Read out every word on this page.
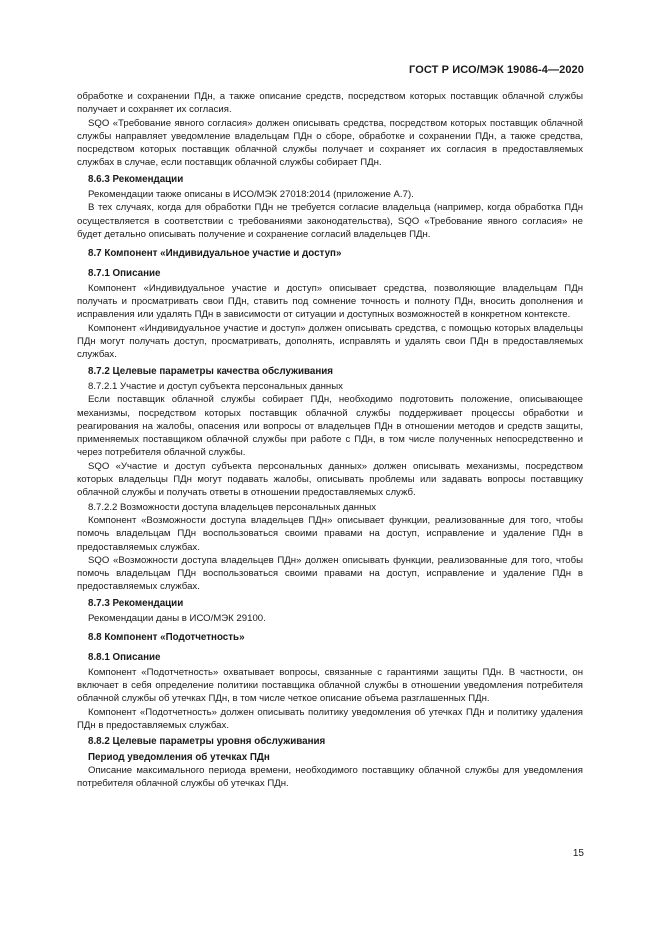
ГОСТ Р ИСО/МЭК 19086-4—2020

обработке и сохранении ПДн, а также описание средств, посредством которых поставщик облачной службы получает и сохраняет их согласия.

SQO «Требование явного согласия» должен описывать средства, посредством которых поставщик облачной службы направляет уведомление владельцам ПДн о сборе, обработке и сохранении ПДн, а также средства, посредством которых поставщик облачной службы получает и сохраняет их согласия в предоставляемых службах в случае, если поставщик облачной службы собирает ПДн.

8.6.3 Рекомендации

Рекомендации также описаны в ИСО/МЭК 27018:2014 (приложение А.7).

В тех случаях, когда для обработки ПДн не требуется согласие владельца (например, когда обработка ПДн осуществляется в соответствии с требованиями законодательства), SQO «Требование явного согласия» не будет детально описывать получение и сохранение согласий владельцев ПДн.

8.7 Компонент «Индивидуальное участие и доступ»
8.7.1 Описание

Компонент «Индивидуальное участие и доступ» описывает средства, позволяющие владельцам ПДн получать и просматривать свои ПДн, ставить под сомнение точность и полноту ПДн, вносить дополнения и исправления или удалять ПДн в зависимости от ситуации и доступных возможностей в конкретном контексте.

Компонент «Индивидуальное участие и доступ» должен описывать средства, с помощью которых владельцы ПДн могут получать доступ, просматривать, дополнять, исправлять и удалять свои ПДн в предоставляемых службах.

8.7.2 Целевые параметры качества обслуживания
8.7.2.1 Участие и доступ субъекта персональных данных

Если поставщик облачной службы собирает ПДн, необходимо подготовить положение, описывающее механизмы, посредством которых поставщик облачной службы поддерживает процессы обработки и реагирования на жалобы, опасения или вопросы от владельцев ПДн в отношении методов и средств защиты, применяемых поставщиком облачной службы при работе с ПДн, в том числе полученных непосредственно и через потребителя облачной службы.

SQO «Участие и доступ субъекта персональных данных» должен описывать механизмы, посредством которых владельцы ПДн могут подавать жалобы, описывать проблемы или задавать вопросы поставщику облачной службы и получать ответы в отношении предоставляемых служб.

8.7.2.2 Возможности доступа владельцев персональных данных

Компонент «Возможности доступа владельцев ПДн» описывает функции, реализованные для того, чтобы помочь владельцам ПДн воспользоваться своими правами на доступ, исправление и удаление ПДн в предоставляемых службах.

SQO «Возможности доступа владельцев ПДн» должен описывать функции, реализованные для того, чтобы помочь владельцам ПДн воспользоваться своими правами на доступ, исправление и удаление ПДн в предоставляемых службах.

8.7.3 Рекомендации

Рекомендации даны в ИСО/МЭК 29100.

8.8 Компонент «Подотчетность»
8.8.1 Описание

Компонент «Подотчетность» охватывает вопросы, связанные с гарантиями защиты ПДн. В частности, он включает в себя определение политики поставщика облачной службы в отношении уведомления потребителя облачной службы об утечках ПДн, в том числе четкое описание объема разглашенных ПДн.

Компонент «Подотчетность» должен описывать политику уведомления об утечках ПДн и политику удаления ПДн в предоставляемых службах.

8.8.2 Целевые параметры уровня обслуживания
Период уведомления об утечках ПДн

Описание максимального периода времени, необходимого поставщику облачной службы для уведомления потребителя облачной службы об утечках ПДн.

15
